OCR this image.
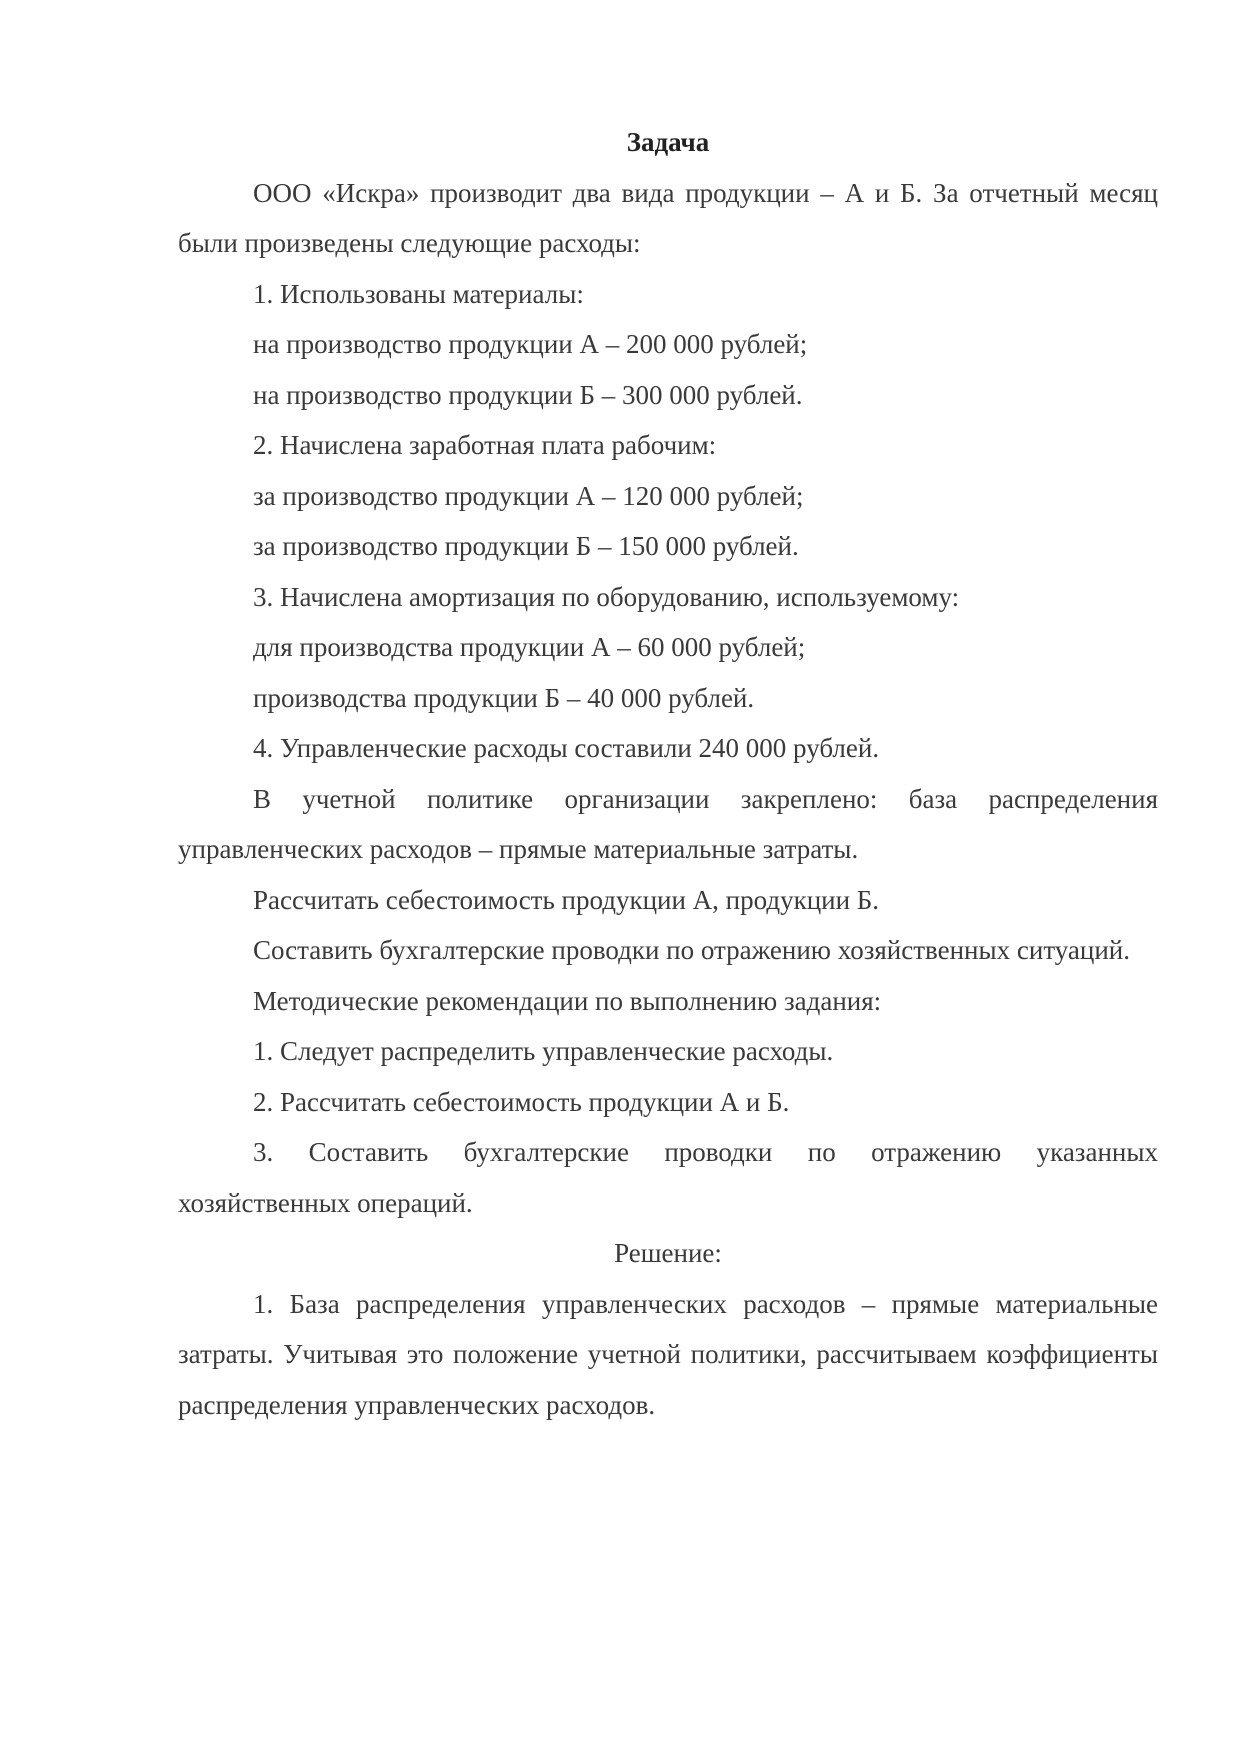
Задача

ООО «Искра» производит два вида продукции – А и Б. За отчетный месяц были произведены следующие расходы:

1. Использованы материалы:

на производство продукции А – 200 000 рублей;

на производство продукции Б – 300 000 рублей.

2. Начислена заработная плата рабочим:

за производство продукции А – 120 000 рублей;

за производство продукции Б – 150 000 рублей.

3. Начислена амортизация по оборудованию, используемому:

для производства продукции А – 60 000 рублей;

производства продукции Б – 40 000 рублей.

4. Управленческие расходы составили 240 000 рублей.

В учетной политике организации закреплено: база распределения управленческих расходов – прямые материальные затраты.

Рассчитать себестоимость продукции А, продукции Б.

Составить бухгалтерские проводки по отражению хозяйственных ситуаций.

Методические рекомендации по выполнению задания:

1. Следует распределить управленческие расходы.

2. Рассчитать себестоимость продукции А и Б.

3. Составить бухгалтерские проводки по отражению указанных хозяйственных операций.

Решение:

1. База распределения управленческих расходов – прямые материальные затраты. Учитывая это положение учетной политики, рассчитываем коэффициенты распределения управленческих расходов.
